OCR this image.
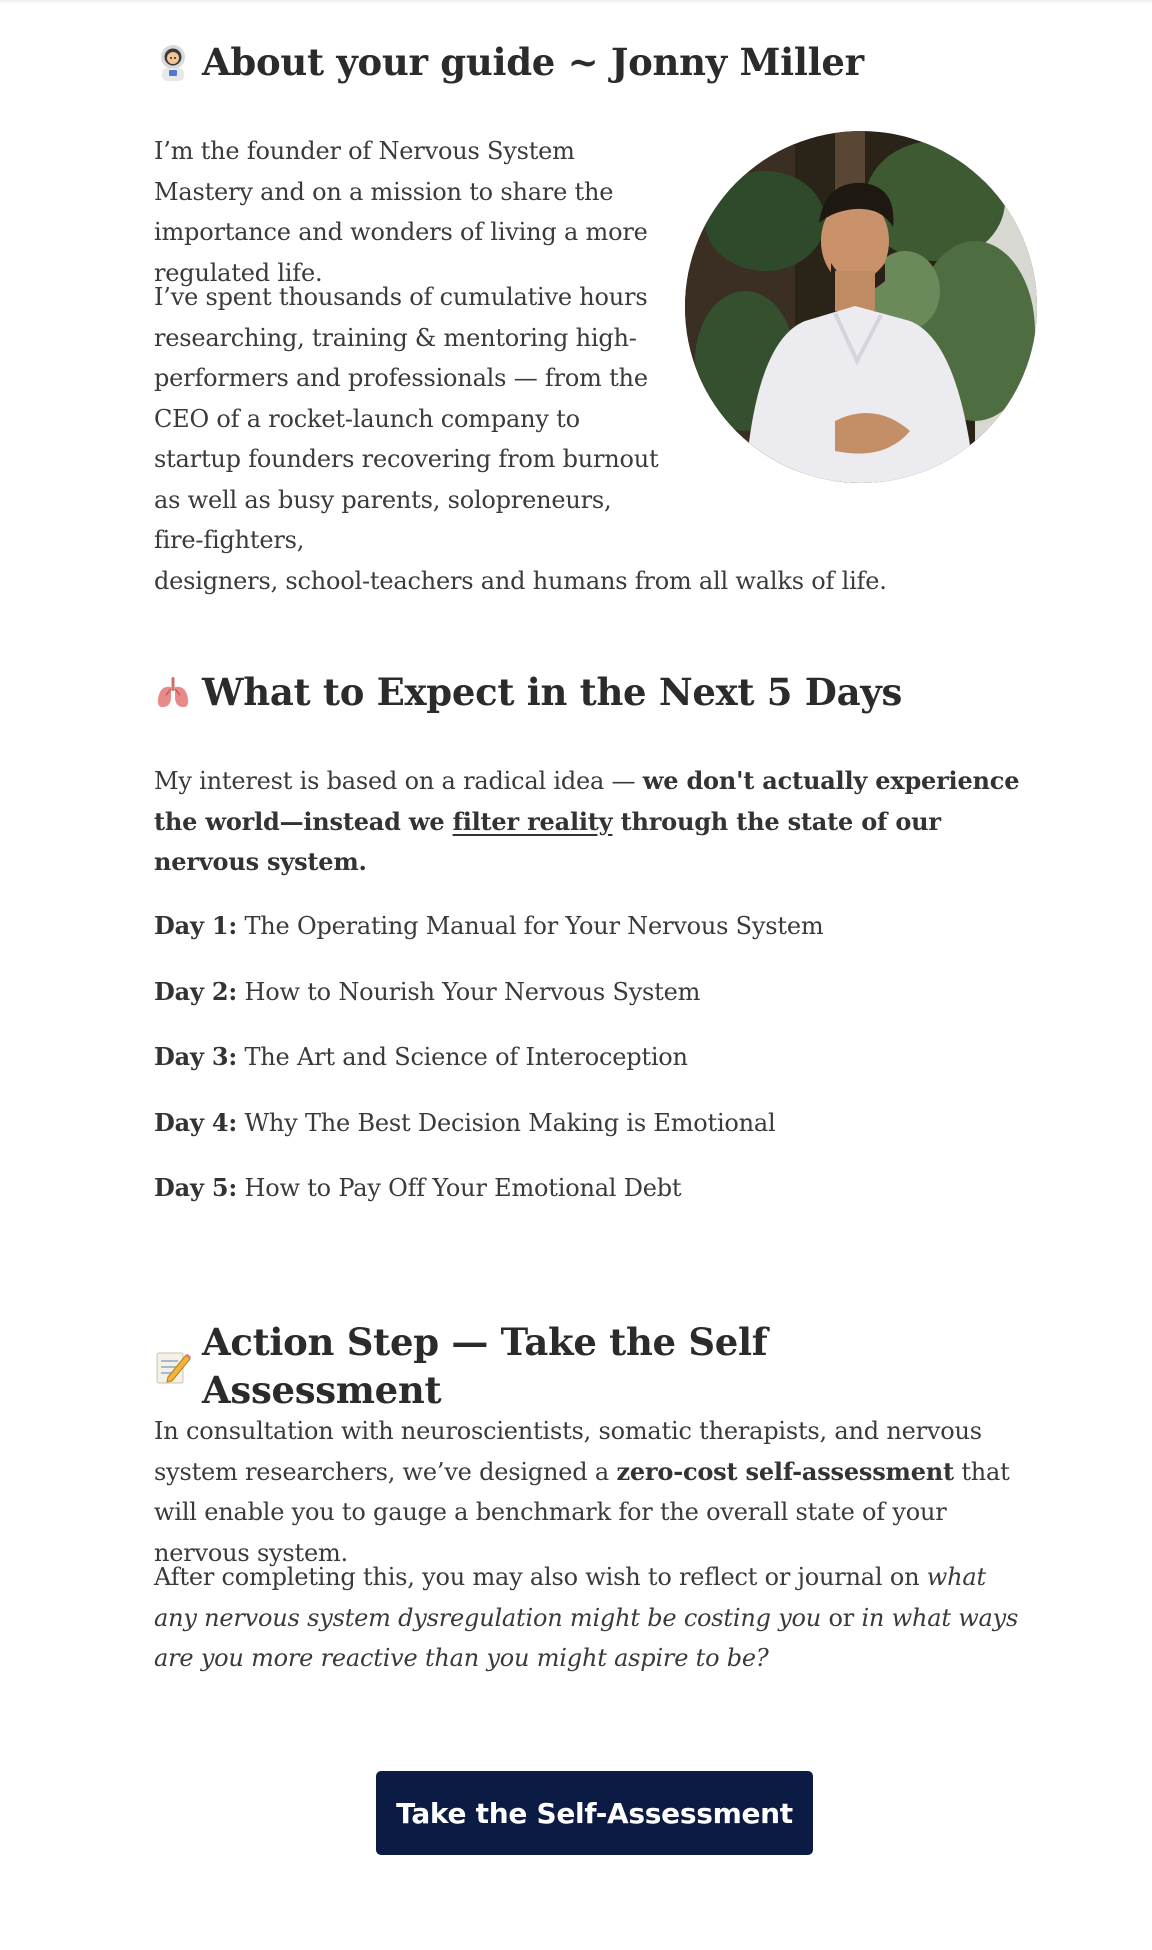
About your guide ~ Jonny Miller

I’m the founder of Nervous System Mastery and on a mission to share the importance and wonders of living a more regulated life.

I’ve spent thousands of cumulative hours researching, training & mentoring high-performers and professionals — from the CEO of a rocket-launch company to startup founders recovering from burnout as well as busy parents, solopreneurs, fire-fighters,
designers, school-teachers and humans from all walks of life.

What to Expect in the Next 5 Days

My interest is based on a radical idea — we don't actually experience the world—instead we filter reality through the state of our nervous system.

Day 1: The Operating Manual for Your Nervous System
Day 2: How to Nourish Your Nervous System
Day 3: The Art and Science of Interoception
Day 4: Why The Best Decision Making is Emotional
Day 5: How to Pay Off Your Emotional Debt
Action Step — Take the Self Assessment

In consultation with neuroscientists, somatic therapists, and nervous system researchers, we’ve designed a zero-cost self-assessment that will enable you to gauge a benchmark for the overall state of your nervous system.

After completing this, you may also wish to reflect or journal on what any nervous system dysregulation might be costing you or in what ways are you more reactive than you might aspire to be?

Take the Self-Assessment
